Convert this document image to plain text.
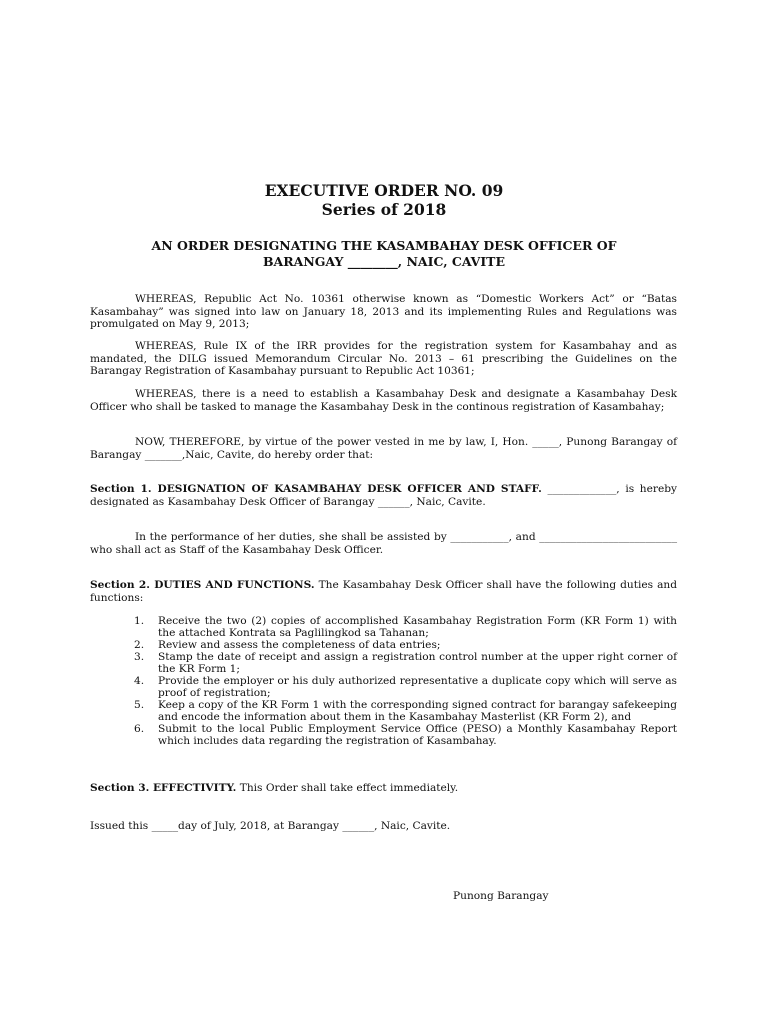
EXECUTIVE ORDER NO. 09
Series of 2018
AN ORDER DESIGNATING THE KASAMBAHAY DESK OFFICER OF BARANGAY ________, NAIC, CAVITE
WHEREAS, Republic Act No. 10361 otherwise known as “Domestic Workers Act” or “Batas Kasambahay” was signed into law on January 18, 2013 and its implementing Rules and Regulations was promulgated on May 9, 2013;
WHEREAS, Rule IX of the IRR provides for the registration system for Kasambahay and as mandated, the DILG issued Memorandum Circular No. 2013 – 61 prescribing the Guidelines on the Barangay Registration of Kasambahay pursuant to Republic Act 10361;
WHEREAS, there is a need to establish a Kasambahay Desk and designate a Kasambahay Desk Officer who shall be tasked to manage the Kasambahay Desk in the continous registration of Kasambahay;
NOW, THEREFORE, by virtue of the power vested in me by law, I, Hon. _____, Punong Barangay of Barangay _______,Naic, Cavite, do hereby order that:
Section 1. DESIGNATION OF KASAMBAHAY DESK OFFICER AND STAFF. _____________, is hereby designated as Kasambahay Desk Officer of Barangay ______, Naic, Cavite.
In the performance of her duties, she shall be assisted by ___________, and __________________________ who shall act as Staff of the Kasambahay Desk Officer.
Section 2. DUTIES AND FUNCTIONS. The Kasambahay Desk Officer shall have the following duties and functions:
1. Receive the two (2) copies of accomplished Kasambahay Registration Form (KR Form 1) with the attached Kontrata sa Paglilingkod sa Tahanan;
2. Review and assess the completeness of data entries;
3. Stamp the date of receipt and assign a registration control number at the upper right corner of the KR Form 1;
4. Provide the employer or his duly authorized representative a duplicate copy which will serve as proof of registration;
5. Keep a copy of the KR Form 1 with the corresponding signed contract for barangay safekeeping and encode the information about them in the Kasambahay Masterlist (KR Form 2), and
6. Submit to the local Public Employment Service Office (PESO) a Monthly Kasambahay Report which includes data regarding the registration of Kasambahay.
Section 3. EFFECTIVITY. This Order shall take effect immediately.
Issued this _____day of July, 2018, at Barangay ______, Naic, Cavite.
Punong Barangay
